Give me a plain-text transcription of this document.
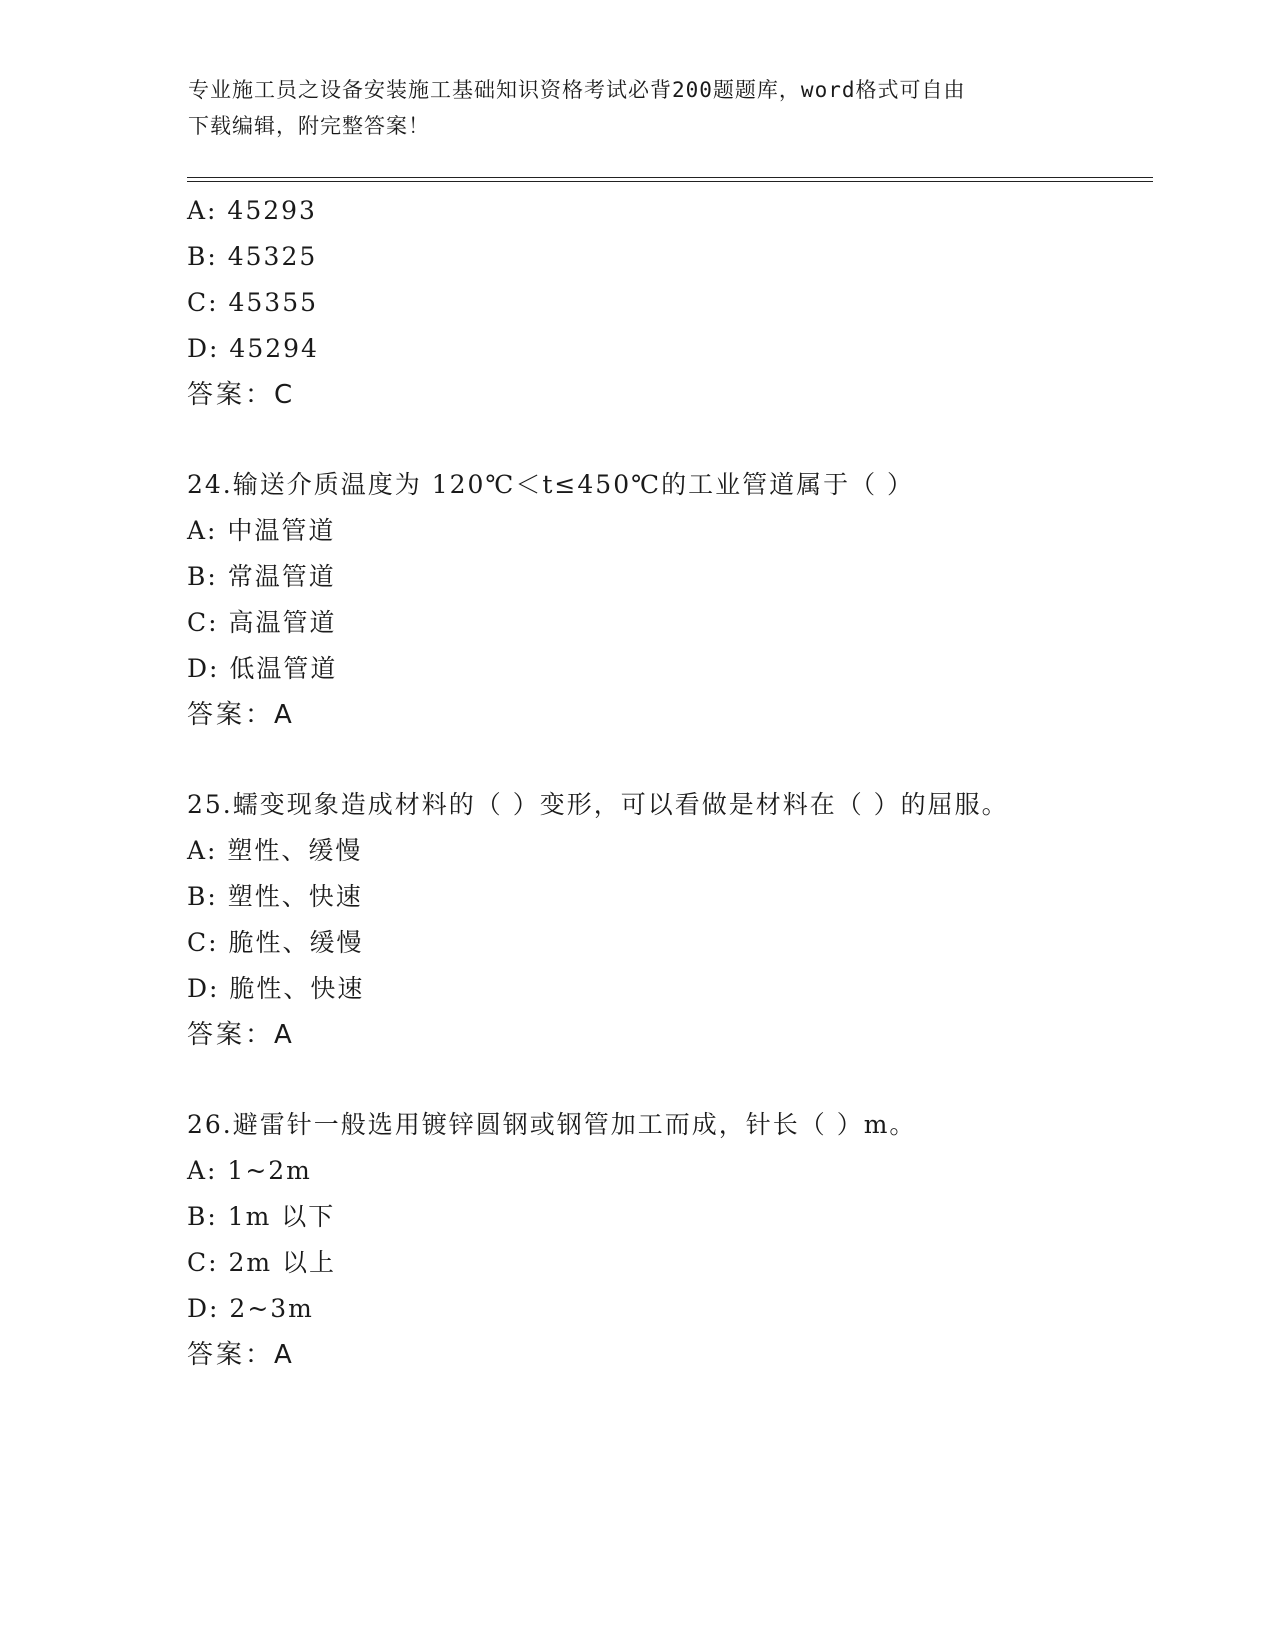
专业施工员之设备安装施工基础知识资格考试必背200题题库，word格式可自由
下载编辑，附完整答案！
A: 45293
B: 45325
C: 45355
D: 45294
答案：C
24.输送介质温度为 120℃＜t≤450℃的工业管道属于（ ）
A: 中温管道
B: 常温管道
C: 高温管道
D: 低温管道
答案：A
25.蠕变现象造成材料的（ ）变形，可以看做是材料在（ ）的屈服。
A: 塑性、缓慢
B: 塑性、快速
C: 脆性、缓慢
D: 脆性、快速
答案：A
26.避雷针一般选用镀锌圆钢或钢管加工而成，针长（ ）m。
A: 1~2m
B: 1m 以下
C: 2m 以上
D: 2~3m
答案：A
